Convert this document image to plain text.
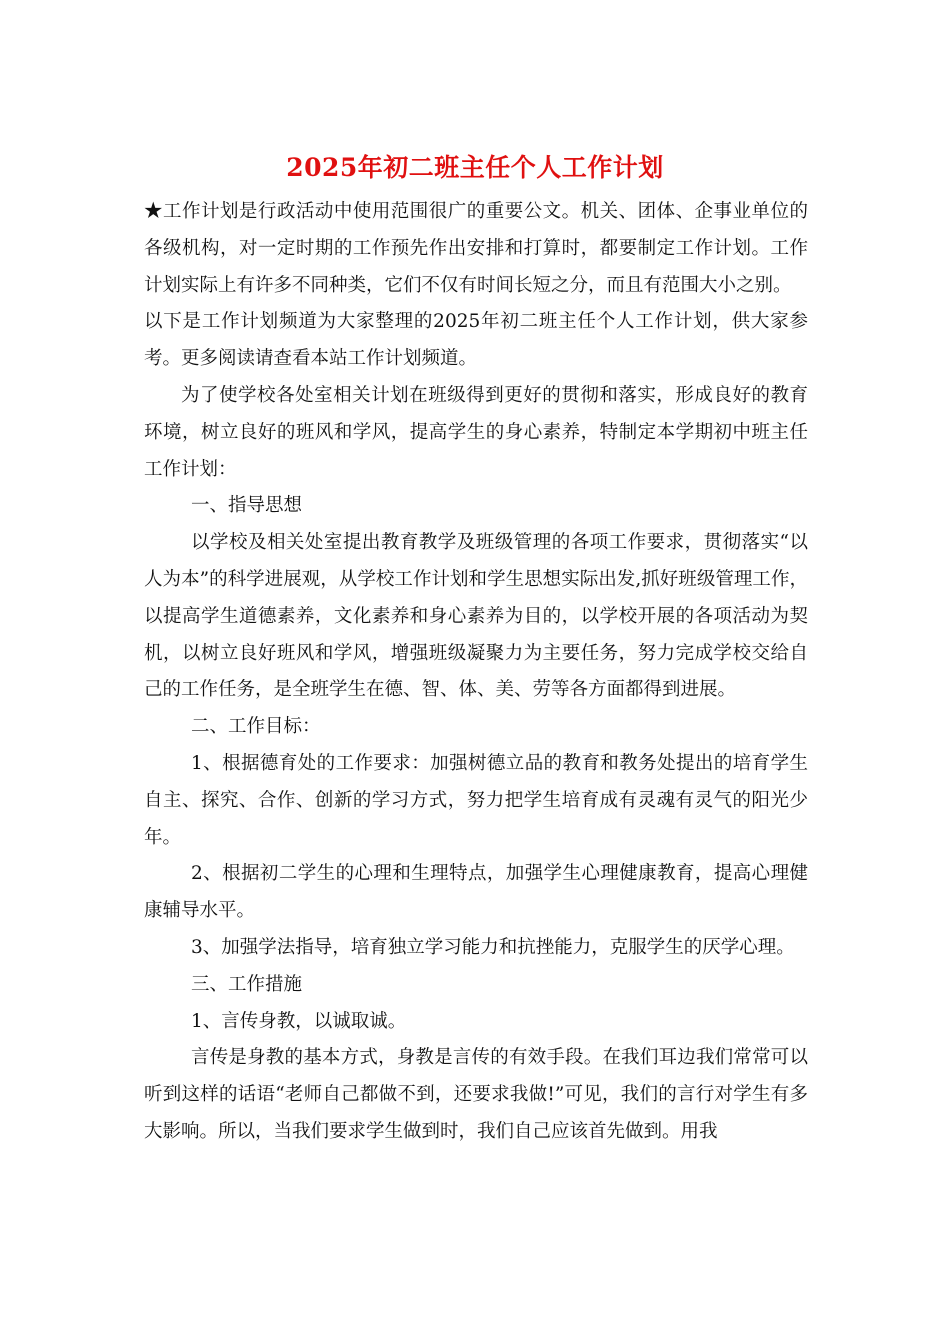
2025年初二班主任个人工作计划

★工作计划是行政活动中使用范围很广的重要公文。机关、团体、企事业单位的各级机构，对一定时期的工作预先作出安排和打算时，都要制定工作计划。工作计划实际上有许多不同种类，它们不仅有时间长短之分，而且有范围大小之别。

以下是工作计划频道为大家整理的2025年初二班主任个人工作计划，供大家参考。更多阅读请查看本站工作计划频道。

为了使学校各处室相关计划在班级得到更好的贯彻和落实，形成良好的教育环境，树立良好的班风和学风，提高学生的身心素养，特制定本学期初中班主任工作计划：

一、指导思想

以学校及相关处室提出教育教学及班级管理的各项工作要求，贯彻落实“以人为本”的科学进展观，从学校工作计划和学生思想实际出发,抓好班级管理工作，以提高学生道德素养，文化素养和身心素养为目的，以学校开展的各项活动为契机，以树立良好班风和学风，增强班级凝聚力为主要任务，努力完成学校交给自己的工作任务，是全班学生在德、智、体、美、劳等各方面都得到进展。

二、工作目标：

1、根据德育处的工作要求：加强树德立品的教育和教务处提出的培育学生自主、探究、合作、创新的学习方式，努力把学生培育成有灵魂有灵气的阳光少年。

2、根据初二学生的心理和生理特点，加强学生心理健康教育，提高心理健康辅导水平。

3、加强学法指导，培育独立学习能力和抗挫能力，克服学生的厌学心理。

三、工作措施

1、言传身教，以诚取诚。

言传是身教的基本方式，身教是言传的有效手段。在我们耳边我们常常可以听到这样的话语“老师自己都做不到，还要求我做!”可见，我们的言行对学生有多大影响。所以，当我们要求学生做到时，我们自己应该首先做到。用我
